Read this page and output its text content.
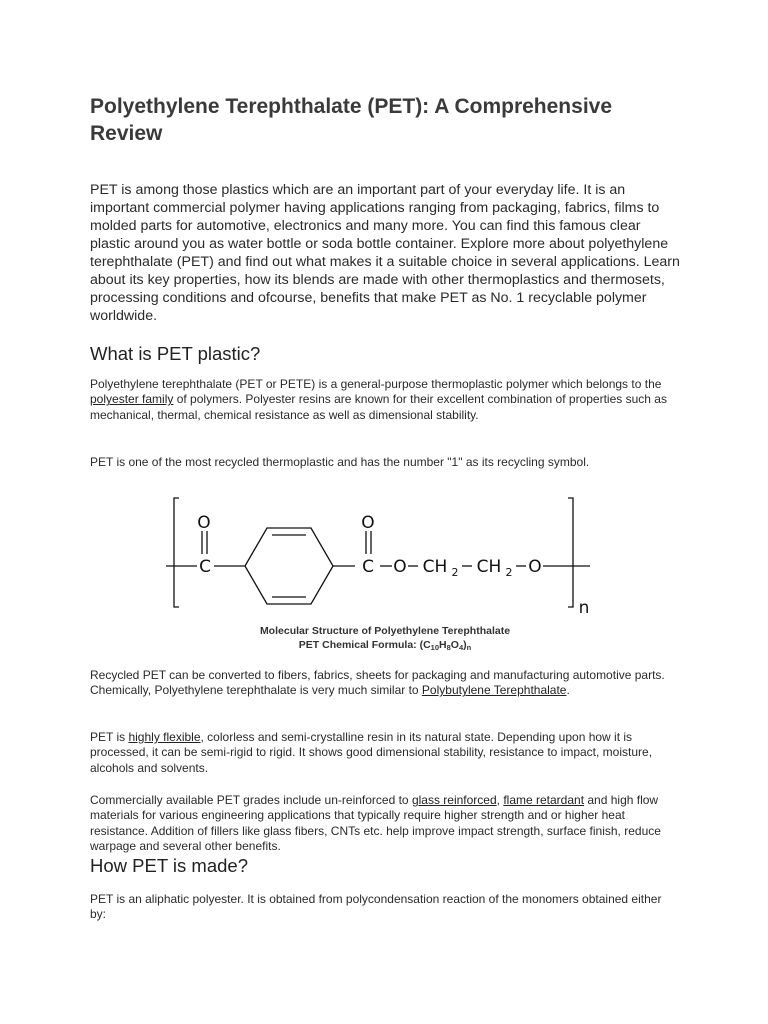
Polyethylene Terephthalate (PET): A Comprehensive Review

PET is among those plastics which are an important part of your everyday life. It is an important commercial polymer having applications ranging from packaging, fabrics, films to molded parts for automotive, electronics and many more. You can find this famous clear plastic around you as water bottle or soda bottle container. Explore more about polyethylene terephthalate (PET) and find out what makes it a suitable choice in several applications. Learn about its key properties, how its blends are made with other thermoplastics and thermosets, processing conditions and ofcourse, benefits that make PET as No. 1 recyclable polymer worldwide.

What is PET plastic?

Polyethylene terephthalate (PET or PETE) is a general-purpose thermoplastic polymer which belongs to the polyester family of polymers. Polyester resins are known for their excellent combination of properties such as mechanical, thermal, chemical resistance as well as dimensional stability.

PET is one of the most recycled thermoplastic and has the number "1" as its recycling symbol.

O
C
O
C O CH 2 CH 2 O
n
Molecular Structure of Polyethylene Terephthalate
PET Chemical Formula: $(C_{10}H_8O_4)_n$

Recycled PET can be converted to fibers, fabrics, sheets for packaging and manufacturing automotive parts. Chemically, Polyethylene terephthalate is very much similar to Polybutylene Terephthalate.

PET is highly flexible, colorless and semi-crystalline resin in its natural state. Depending upon how it is processed, it can be semi-rigid to rigid. It shows good dimensional stability, resistance to impact, moisture, alcohols and solvents.

Commercially available PET grades include un-reinforced to glass reinforced, flame retardant and high flow materials for various engineering applications that typically require higher strength and or higher heat resistance. Addition of fillers like glass fibers, CNTs etc. help improve impact strength, surface finish, reduce warpage and several other benefits.

How PET is made?

PET is an aliphatic polyester. It is obtained from polycondensation reaction of the monomers obtained either by:
